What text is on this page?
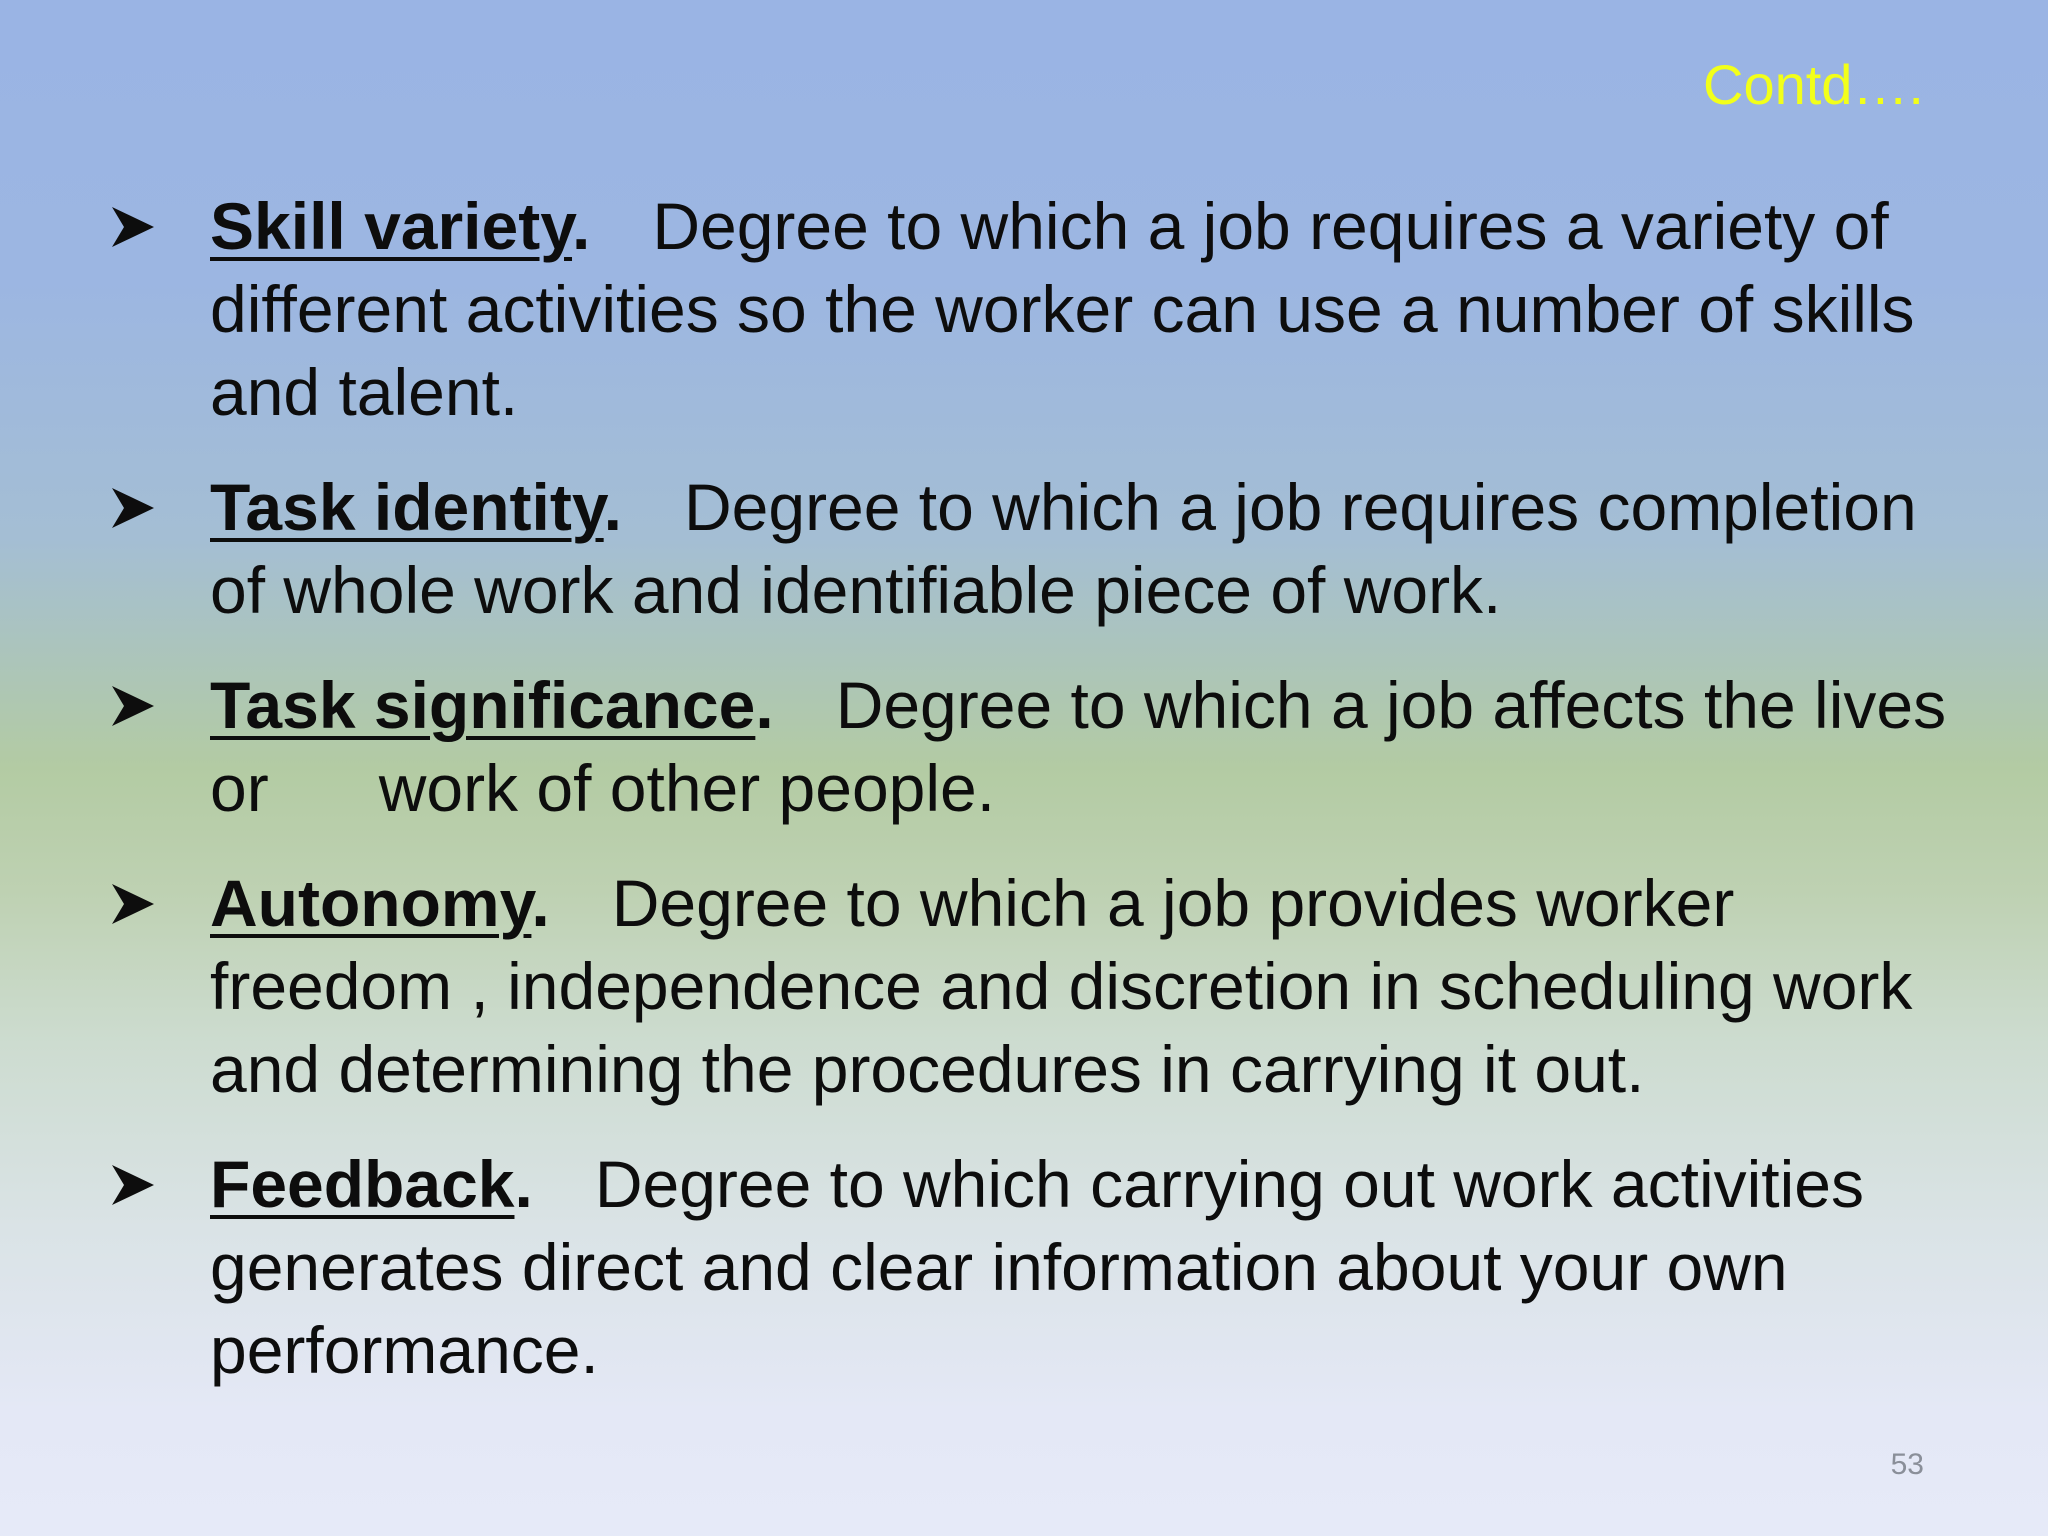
Contd….

Skill variety. Degree to which a job requires a variety of different activities so the worker can use a number of skills and talent.
Task identity. Degree to which a job requires completion of whole work and identifiable piece of work.
Task significance. Degree to which a job affects the lives or      work of other people.
Autonomy. Degree to which a job provides worker freedom , independence and discretion in scheduling work and determining the procedures in carrying it out.
Feedback. Degree to which carrying out work activities generates direct and clear information about your own performance.

53
